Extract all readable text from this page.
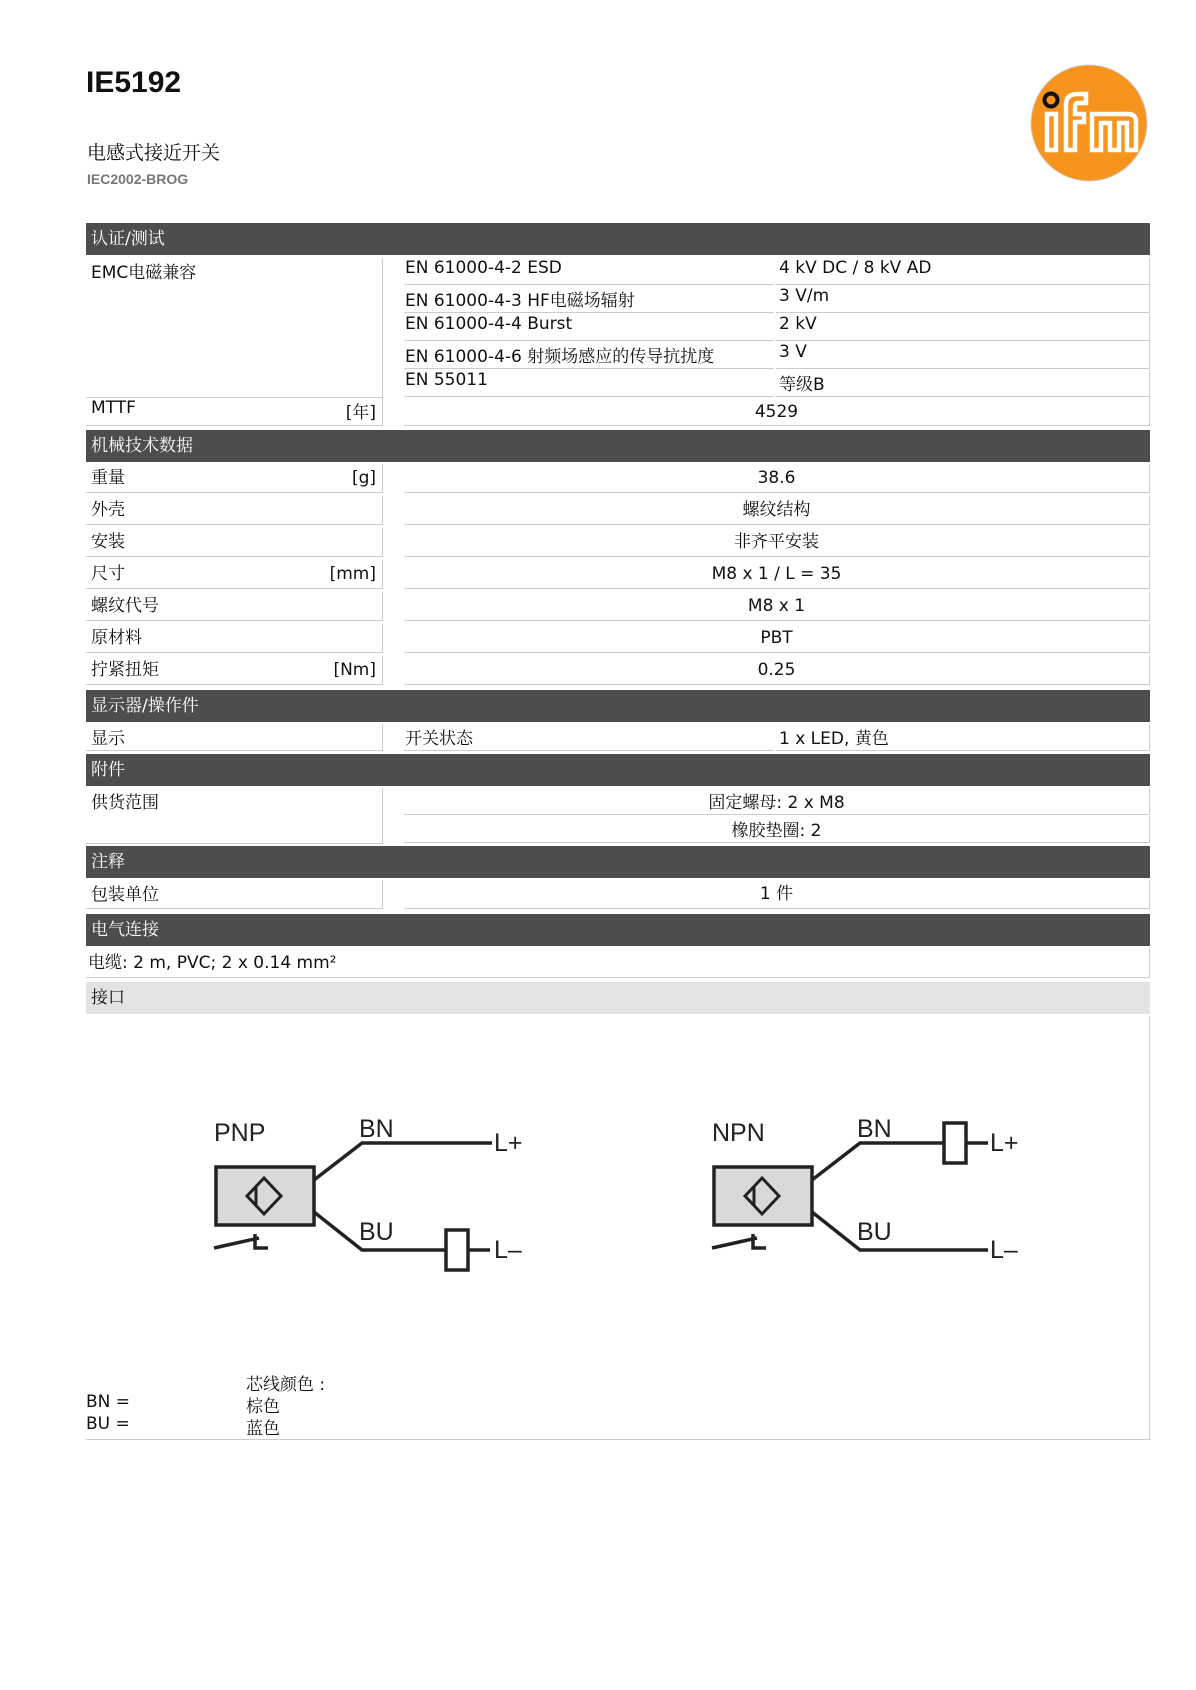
IE5192
电感式接近开关
IEC2002-BROG
认证/测试
EMC电磁兼容	EN 61000-4-2 ESD	4 kV DC / 8 kV AD
EN 61000-4-3 HF电磁场辐射	3 V/m
EN 61000-4-4 Burst	2 kV
EN 61000-4-6 射频场感应的传导抗扰度	3 V
EN 55011	等级B
MTTF	[年]	4529
机械技术数据
重量	[g]	38.6
外壳	螺纹结构
安装	非齐平安装
尺寸	[mm]	M8 x 1 / L = 35
螺纹代号	M8 x 1
原材料	PBT
拧紧扭矩	[Nm]	0.25
显示器/操作件
显示	开关状态	1 x LED, 黄色
附件
供货范围	固定螺母: 2 x M8
橡胶垫圈: 2
注释
包装单位	1 件
电气连接
电缆: 2 m, PVC; 2 x 0.14 mm²
接口
PNP	BN
BU
L+
L–
NPN	BN
BU
L+
L–
芯线颜色 :
BN =	棕色
BU =	蓝色
